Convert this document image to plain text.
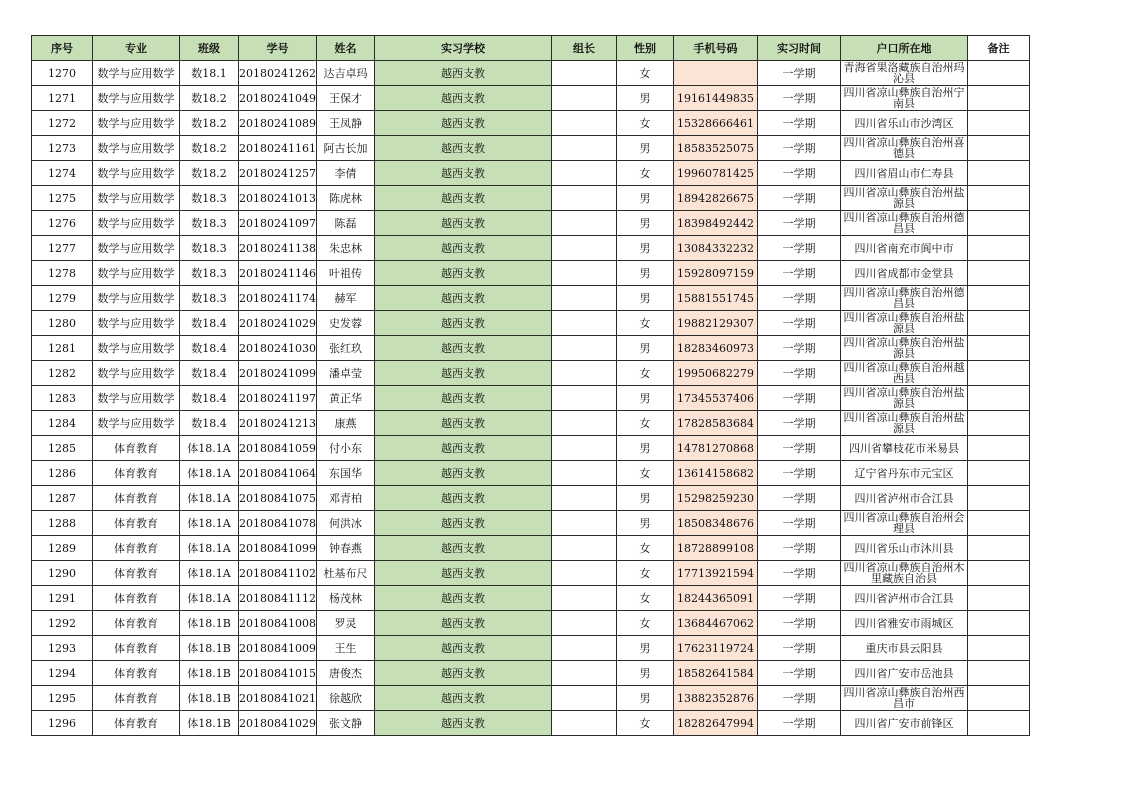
序号	专业	班级	学号	姓名	实习学校	组长	性别	手机号码	实习时间	户口所在地	备注
1270	数学与应用数学	数18.1	20180241262	达吉卓玛	越西支教		女		一学期	青海省果洛藏族自治州玛沁县	

1271	数学与应用数学	数18.2	20180241049	王保才	越西支教		男	19161449835	一学期	四川省凉山彝族自治州宁南县	

1272	数学与应用数学	数18.2	20180241089	王凤静	越西支教		女	15328666461	一学期	四川省乐山市沙湾区	

1273	数学与应用数学	数18.2	20180241161	阿古长加	越西支教		男	18583525075	一学期	四川省凉山彝族自治州喜德县	

1274	数学与应用数学	数18.2	20180241257	李倩	越西支教		女	19960781425	一学期	四川省眉山市仁寿县	

1275	数学与应用数学	数18.3	20180241013	陈虎林	越西支教		男	18942826675	一学期	四川省凉山彝族自治州盐源县	

1276	数学与应用数学	数18.3	20180241097	陈磊	越西支教		男	18398492442	一学期	四川省凉山彝族自治州德昌县	

1277	数学与应用数学	数18.3	20180241138	朱忠林	越西支教		男	13084332232	一学期	四川省南充市阆中市	

1278	数学与应用数学	数18.3	20180241146	叶祖传	越西支教		男	15928097159	一学期	四川省成都市金堂县	

1279	数学与应用数学	数18.3	20180241174	赫军	越西支教		男	15881551745	一学期	四川省凉山彝族自治州德昌县	

1280	数学与应用数学	数18.4	20180241029	史发蓉	越西支教		女	19882129307	一学期	四川省凉山彝族自治州盐源县	

1281	数学与应用数学	数18.4	20180241030	张红玖	越西支教		男	18283460973	一学期	四川省凉山彝族自治州盐源县	

1282	数学与应用数学	数18.4	20180241099	潘卓莹	越西支教		女	19950682279	一学期	四川省凉山彝族自治州越西县	

1283	数学与应用数学	数18.4	20180241197	黄正华	越西支教		男	17345537406	一学期	四川省凉山彝族自治州盐源县	

1284	数学与应用数学	数18.4	20180241213	康燕	越西支教		女	17828583684	一学期	四川省凉山彝族自治州盐源县	

1285	体育教育	体18.1A	20180841059	付小东	越西支教		男	14781270868	一学期	四川省攀枝花市米易县	

1286	体育教育	体18.1A	20180841064	东国华	越西支教		女	13614158682	一学期	辽宁省丹东市元宝区	

1287	体育教育	体18.1A	20180841075	邓青柏	越西支教		男	15298259230	一学期	四川省泸州市合江县	

1288	体育教育	体18.1A	20180841078	何洪冰	越西支教		男	18508348676	一学期	四川省凉山彝族自治州会理县	

1289	体育教育	体18.1A	20180841099	钟春燕	越西支教		女	18728899108	一学期	四川省乐山市沐川县	

1290	体育教育	体18.1A	20180841102	杜基布尺	越西支教		女	17713921594	一学期	四川省凉山彝族自治州木里藏族自治县	

1291	体育教育	体18.1A	20180841112	杨茂林	越西支教		女	18244365091	一学期	四川省泸州市合江县	

1292	体育教育	体18.1B	20180841008	罗灵	越西支教		女	13684467062	一学期	四川省雅安市雨城区	

1293	体育教育	体18.1B	20180841009	王生	越西支教		男	17623119724	一学期	重庆市县云阳县	

1294	体育教育	体18.1B	20180841015	唐俊杰	越西支教		男	18582641584	一学期	四川省广安市岳池县	

1295	体育教育	体18.1B	20180841021	徐越欣	越西支教		男	13882352876	一学期	四川省凉山彝族自治州西昌市	

1296	体育教育	体18.1B	20180841029	张文静	越西支教		女	18282647994	一学期	四川省广安市前锋区	
